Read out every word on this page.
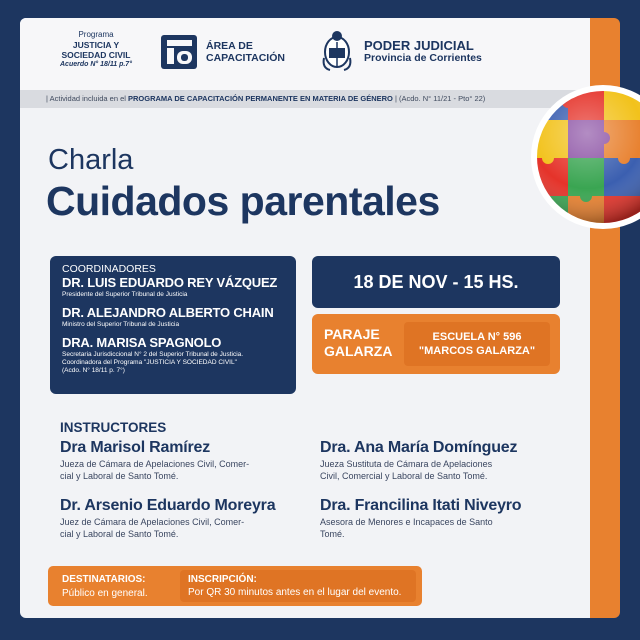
Programa
JUSTICIA Y
SOCIEDAD CIVIL
Acuerdo N° 18/11 p.7°
ÁREA DE
CAPACITACIÓN
PODER JUDICIAL
Provincia de Corrientes
| Actividad incluida en el PROGRAMA DE CAPACITACIÓN PERMANENTE EN MATERIA DE GÉNERO | (Acdo. N° 11/21 - Pto° 22)
Charla
Cuidados parentales
COORDINADORES
DR. LUIS EDUARDO REY VÁZQUEZ
Presidente del Superior Tribunal de Justicia
DR. ALEJANDRO ALBERTO CHAIN
Ministro del Superior Tribunal de Justicia
DRA. MARISA SPAGNOLO
Secretaria Jurisdiccional N° 2 del Superior Tribunal de Justicia.
Coordinadora del Programa "JUSTICIA Y SOCIEDAD CIVIL"
(Acdo. N° 18/11 p. 7°)
18 DE NOV - 15 HS.
PARAJE
GALARZA
ESCUELA N° 596
"MARCOS GALARZA"
INSTRUCTORES
Dra Marisol Ramírez
Jueza de Cámara de Apelaciones Civil, Comer-
cial y Laboral de Santo Tomé.
Dra. Ana María Domínguez
Jueza Sustituta de Cámara de Apelaciones
Civil, Comercial y Laboral de Santo Tomé.
Dr. Arsenio Eduardo Moreyra
Juez de Cámara de Apelaciones Civil, Comer-
cial y Laboral de Santo Tomé.
Dra. Francilina Itati Niveyro
Asesora de Menores e Incapaces de Santo
Tomé.
DESTINATARIOS:
Público en general.
INSCRIPCIÓN:
Por QR 30 minutos antes en el lugar del evento.
